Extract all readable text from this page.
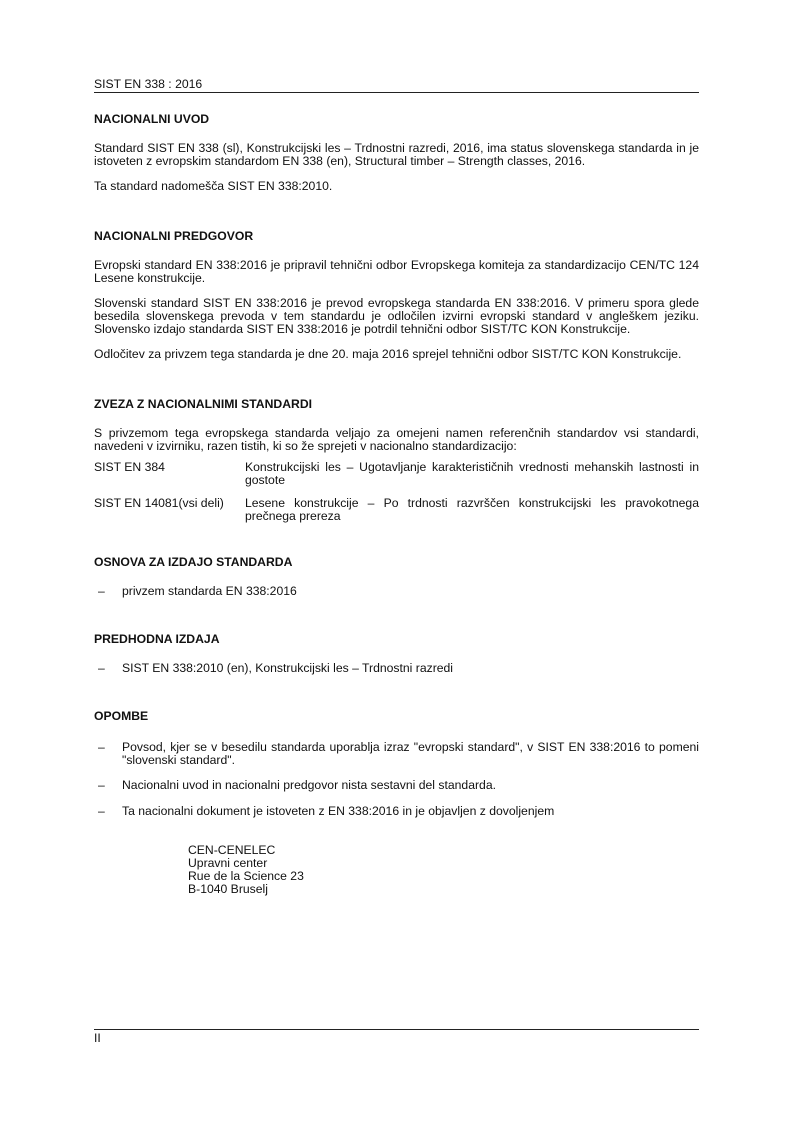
SIST EN 338 : 2016
NACIONALNI UVOD

Standard SIST EN 338 (sl), Konstrukcijski les – Trdnostni razredi, 2016, ima status slovenskega standarda in je istoveten z evropskim standardom EN 338 (en), Structural timber – Strength classes, 2016.

Ta standard nadomešča SIST EN 338:2010.

NACIONALNI PREDGOVOR

Evropski standard EN 338:2016 je pripravil tehnični odbor Evropskega komiteja za standardizacijo CEN/TC 124 Lesene konstrukcije.

Slovenski standard SIST EN 338:2016 je prevod evropskega standarda EN 338:2016. V primeru spora glede besedila slovenskega prevoda v tem standardu je odločilen izvirni evropski standard v angleškem jeziku. Slovensko izdajo standarda SIST EN 338:2016 je potrdil tehnični odbor SIST/TC KON Konstrukcije.

Odločitev za privzem tega standarda je dne 20. maja 2016 sprejel tehnični odbor SIST/TC KON Konstrukcije.

ZVEZA Z NACIONALNIMI STANDARDI

S privzemom tega evropskega standarda veljajo za omejeni namen referenčnih standardov vsi standardi, navedeni v izvirniku, razen tistih, ki so že sprejeti v nacionalno standardizacijo:

SIST EN 384	Konstrukcijski les – Ugotavljanje karakterističnih vrednosti mehanskih lastnosti in gostote
SIST EN 14081(vsi deli)	Lesene konstrukcije – Po trdnosti razvrščen konstrukcijski les pravokotnega prečnega prereza
OSNOVA ZA IZDAJO STANDARDA
– privzem standarda EN 338:2016
PREDHODNA IZDAJA
– SIST EN 338:2010 (en), Konstrukcijski les – Trdnostni razredi
OPOMBE
– Povsod, kjer se v besedilu standarda uporablja izraz "evropski standard", v SIST EN 338:2016 to pomeni "slovenski standard".
– Nacionalni uvod in nacionalni predgovor nista sestavni del standarda.
– Ta nacionalni dokument je istoveten z EN 338:2016 in je objavljen z dovoljenjem
CEN-CENELEC
Upravni center
Rue de la Science 23
B-1040 Bruselj
II
